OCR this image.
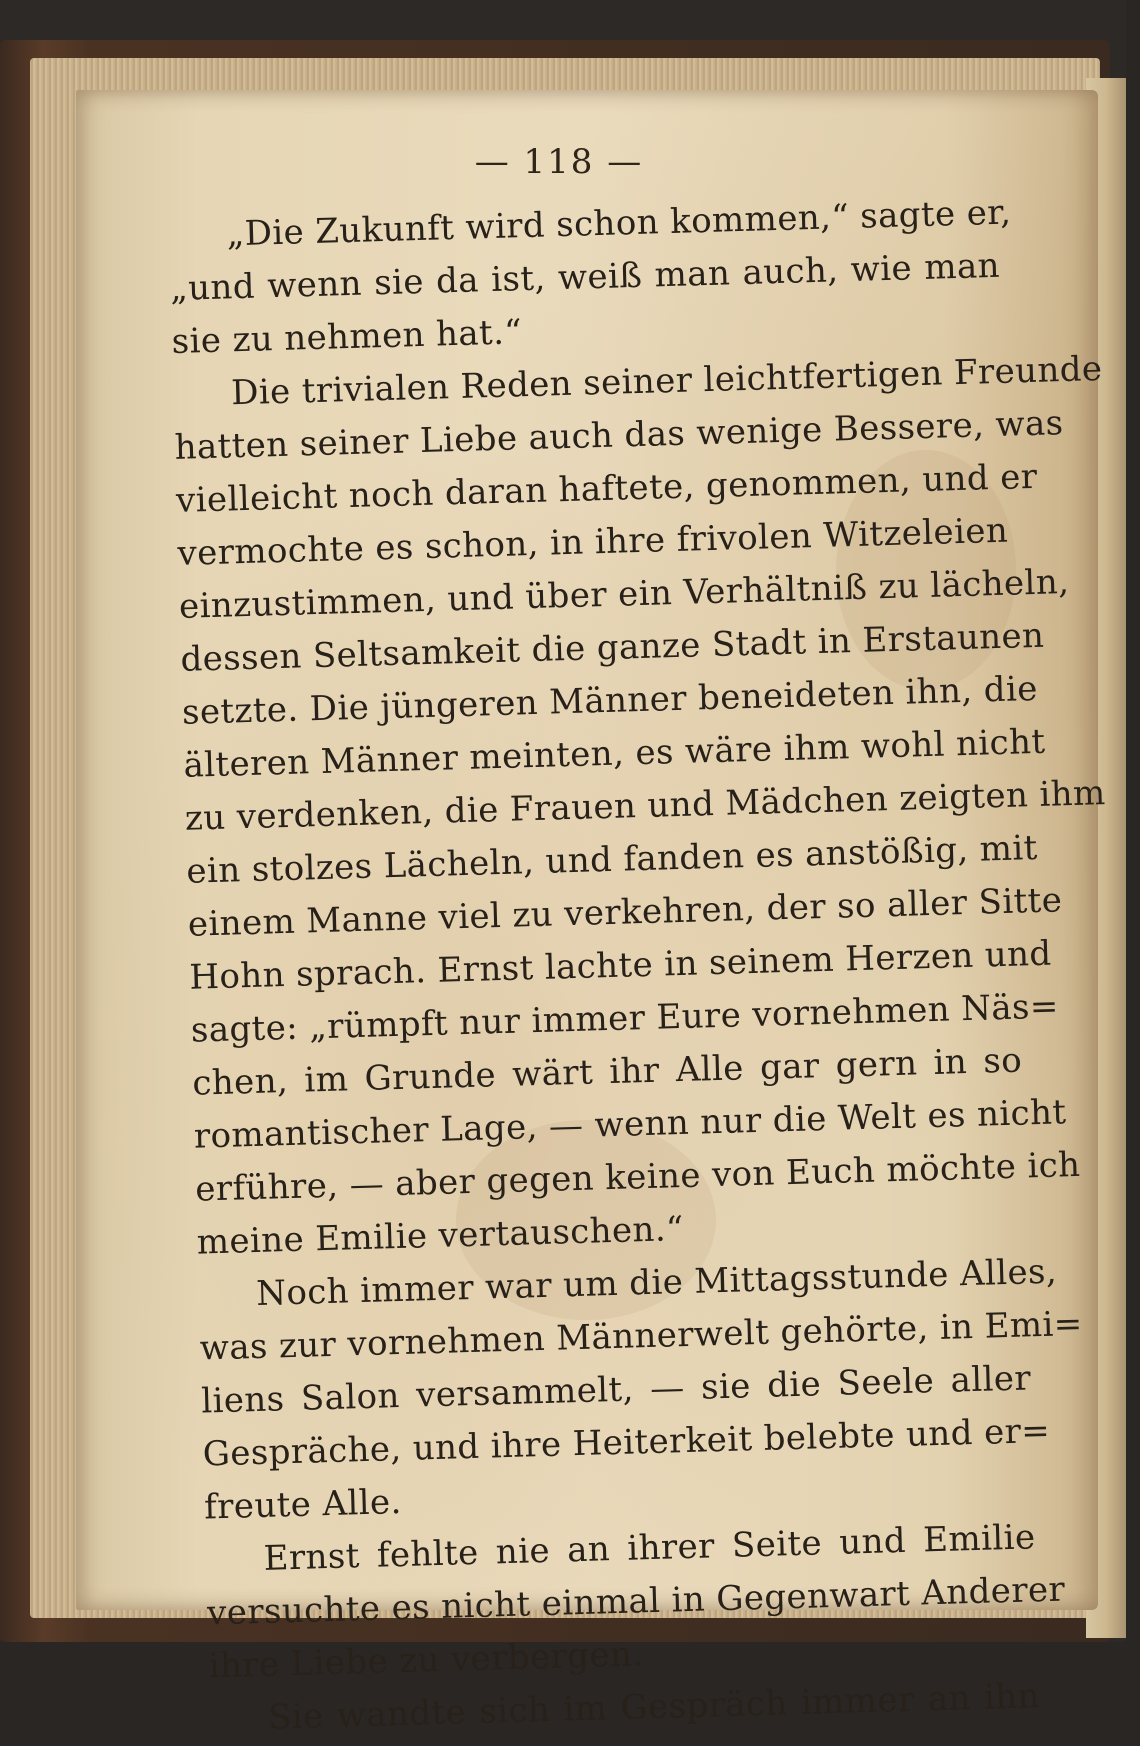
— 118 —
„Die Zukunft wird schon kommen,“ sagte er,
„und wenn sie da ist, weiß man auch, wie man
sie zu nehmen hat.“
Die trivialen Reden seiner leichtfertigen Freunde
hatten seiner Liebe auch das wenige Bessere, was
vielleicht noch daran haftete, genommen, und er
vermochte es schon, in ihre frivolen Witzeleien
einzustimmen, und über ein Verhältniß zu lächeln,
dessen Seltsamkeit die ganze Stadt in Erstaunen
setzte. Die jüngeren Männer beneideten ihn, die
älteren Männer meinten, es wäre ihm wohl nicht
zu verdenken, die Frauen und Mädchen zeigten ihm
ein stolzes Lächeln, und fanden es anstößig, mit
einem Manne viel zu verkehren, der so aller Sitte
Hohn sprach. Ernst lachte in seinem Herzen und
sagte: „rümpft nur immer Eure vornehmen Näs=
chen, im Grunde wärt ihr Alle gar gern in so
romantischer Lage, — wenn nur die Welt es nicht
erführe, — aber gegen keine von Euch möchte ich
meine Emilie vertauschen.“
Noch immer war um die Mittagsstunde Alles,
was zur vornehmen Männerwelt gehörte, in Emi=
liens Salon versammelt, — sie die Seele aller
Gespräche, und ihre Heiterkeit belebte und er=
freute Alle.
Ernst fehlte nie an ihrer Seite und Emilie
versuchte es nicht einmal in Gegenwart Anderer
ihre Liebe zu verbergen.
Sie wandte sich im Gespräch immer an ihn
